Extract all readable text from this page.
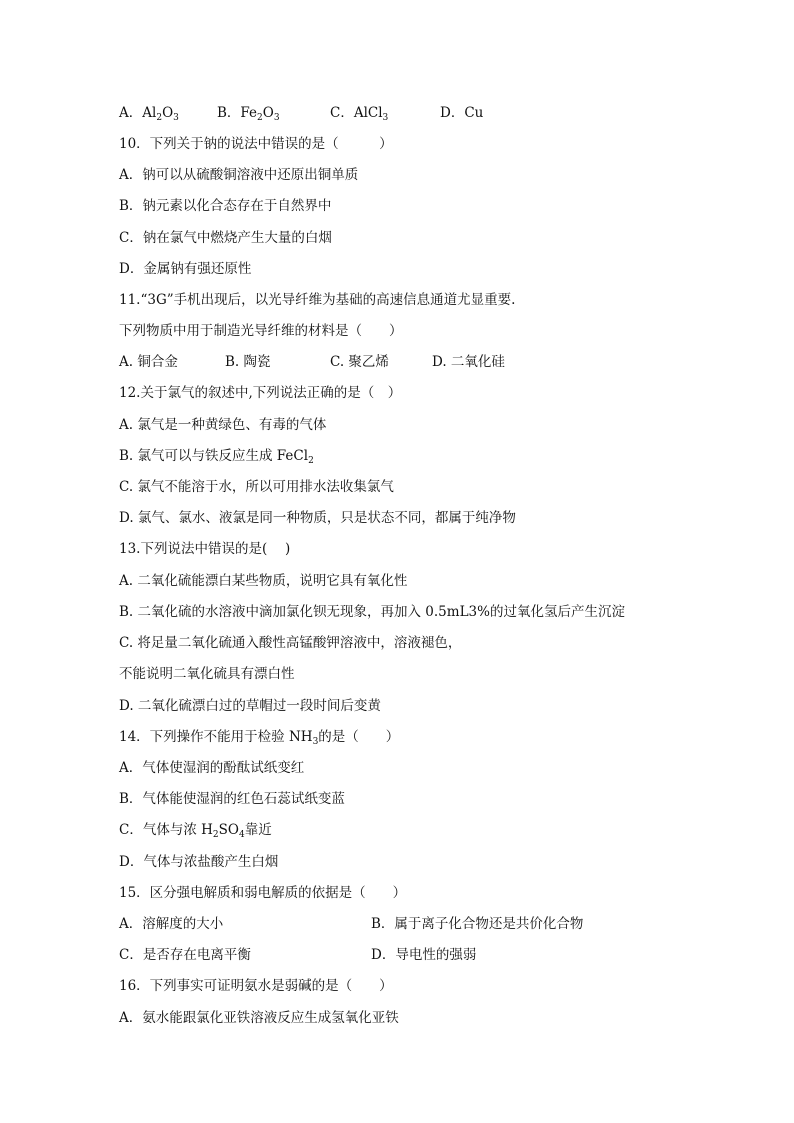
A．$Al_2O_3$	B．$Fe_2O_3$	C．AlCl$_3$	D．Cu
10．下列关于钠的说法中错误的是（　　　）
A．钠可以从硫酸铜溶液中还原出铜单质
B．钠元素以化合态存在于自然界中
C．钠在氯气中燃烧产生大量的白烟
D．金属钠有强还原性
11.“3G”手机出现后，以光导纤维为基础的高速信息通道尤显重要.
下列物质中用于制造光导纤维的材料是（　　）
A. 铜合金	B. 陶瓷	C. 聚乙烯	D. 二氧化硅
12.关于氯气的叙述中,下列说法正确的是（　）
A. 氯气是一种黄绿色、有毒的气体
B. 氯气可以与铁反应生成 FeCl$_2$
C. 氯气不能溶于水，所以可用排水法收集氯气
D. 氯气、氯水、液氯是同一种物质，只是状态不同，都属于纯净物
13.下列说法中错误的是(　 )
A. 二氧化硫能漂白某些物质，说明它具有氧化性
B. 二氧化硫的水溶液中滴加氯化钡无现象，再加入 0.5mL3%的过氧化氢后产生沉淀
C. 将足量二氧化硫通入酸性高锰酸钾溶液中，溶液褪色，
不能说明二氧化硫具有漂白性
D. 二氧化硫漂白过的草帽过一段时间后变黄
14．下列操作不能用于检验 $NH_3$的是（　　）
A．气体使湿润的酚酞试纸变红
B．气体能使湿润的红色石蕊试纸变蓝
C．气体与浓 $H_2SO_4$靠近
D．气体与浓盐酸产生白烟
15．区分强电解质和弱电解质的依据是（　　）
A．溶解度的大小	B．属于离子化合物还是共价化合物
C．是否存在电离平衡	D．导电性的强弱
16．下列事实可证明氨水是弱碱的是（　　）
A．氨水能跟氯化亚铁溶液反应生成氢氧化亚铁
